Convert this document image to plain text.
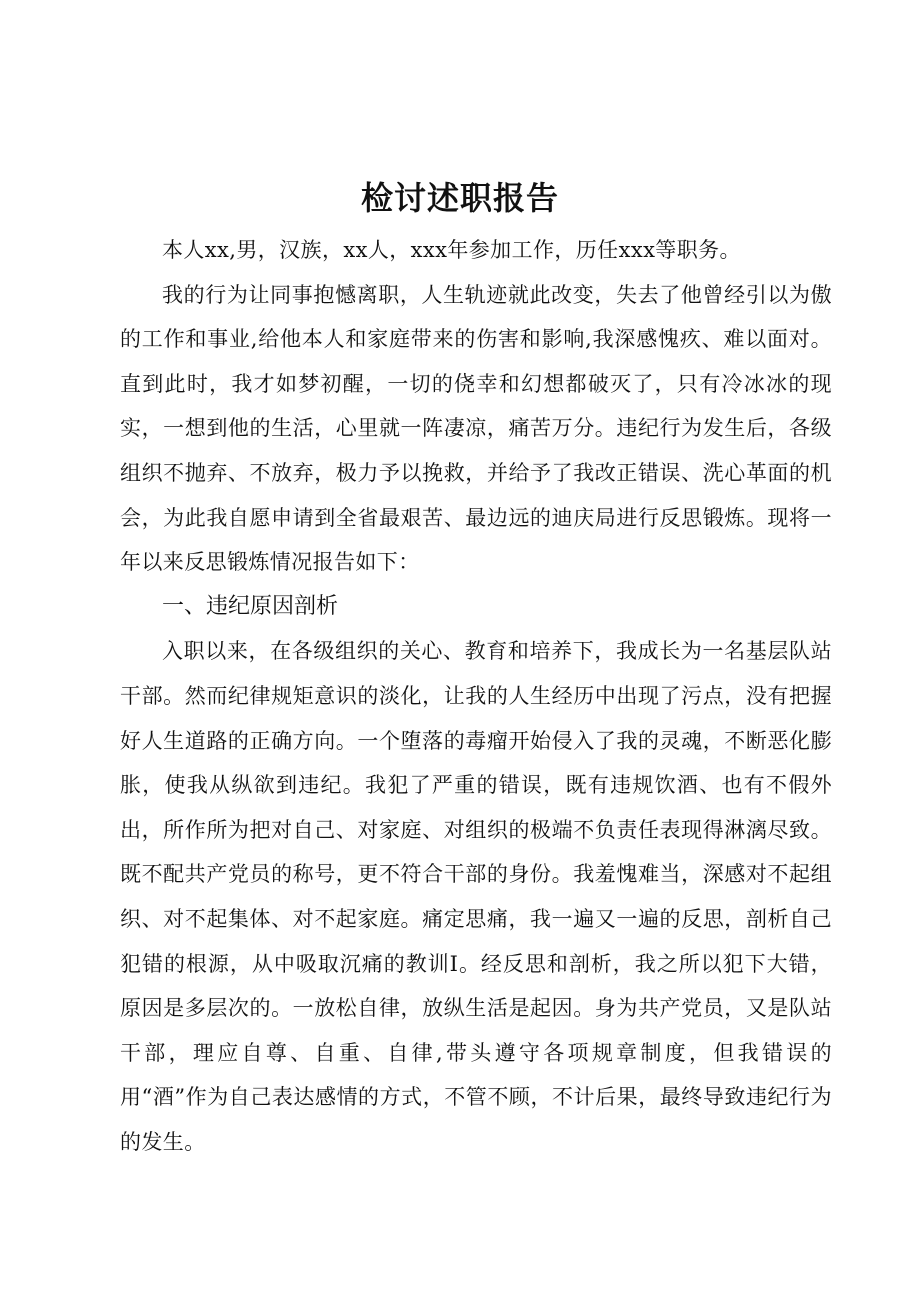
检讨述职报告

本人xx,男，汉族，xx人，xxx年参加工作，历任xxx等职务。

我的行为让同事抱憾离职，人生轨迹就此改变，失去了他曾经引以为傲的工作和事业,给他本人和家庭带来的伤害和影响,我深感愧疚、难以面对。直到此时，我才如梦初醒，一切的侥幸和幻想都破灭了，只有冷冰冰的现实，一想到他的生活，心里就一阵凄凉，痛苦万分。违纪行为发生后，各级组织不抛弃、不放弃，极力予以挽救，并给予了我改正错误、洗心革面的机会，为此我自愿申请到全省最艰苦、最边远的迪庆局进行反思锻炼。现将一年以来反思锻炼情况报告如下：

一、违纪原因剖析

入职以来，在各级组织的关心、教育和培养下，我成长为一名基层队站干部。然而纪律规矩意识的淡化，让我的人生经历中出现了污点，没有把握好人生道路的正确方向。一个堕落的毒瘤开始侵入了我的灵魂，不断恶化膨胀，使我从纵欲到违纪。我犯了严重的错误，既有违规饮酒、也有不假外出，所作所为把对自己、对家庭、对组织的极端不负责任表现得淋漓尽致。既不配共产党员的称号，更不符合干部的身份。我羞愧难当，深感对不起组织、对不起集体、对不起家庭。痛定思痛，我一遍又一遍的反思，剖析自己犯错的根源，从中吸取沉痛的教训I。经反思和剖析，我之所以犯下大错，原因是多层次的。一放松自律，放纵生活是起因。身为共产党员，又是队站干部，理应自尊、自重、自律,带头遵守各项规章制度，但我错误的用“酒”作为自己表达感情的方式，不管不顾，不计后果，最终导致违纪行为的发生。
